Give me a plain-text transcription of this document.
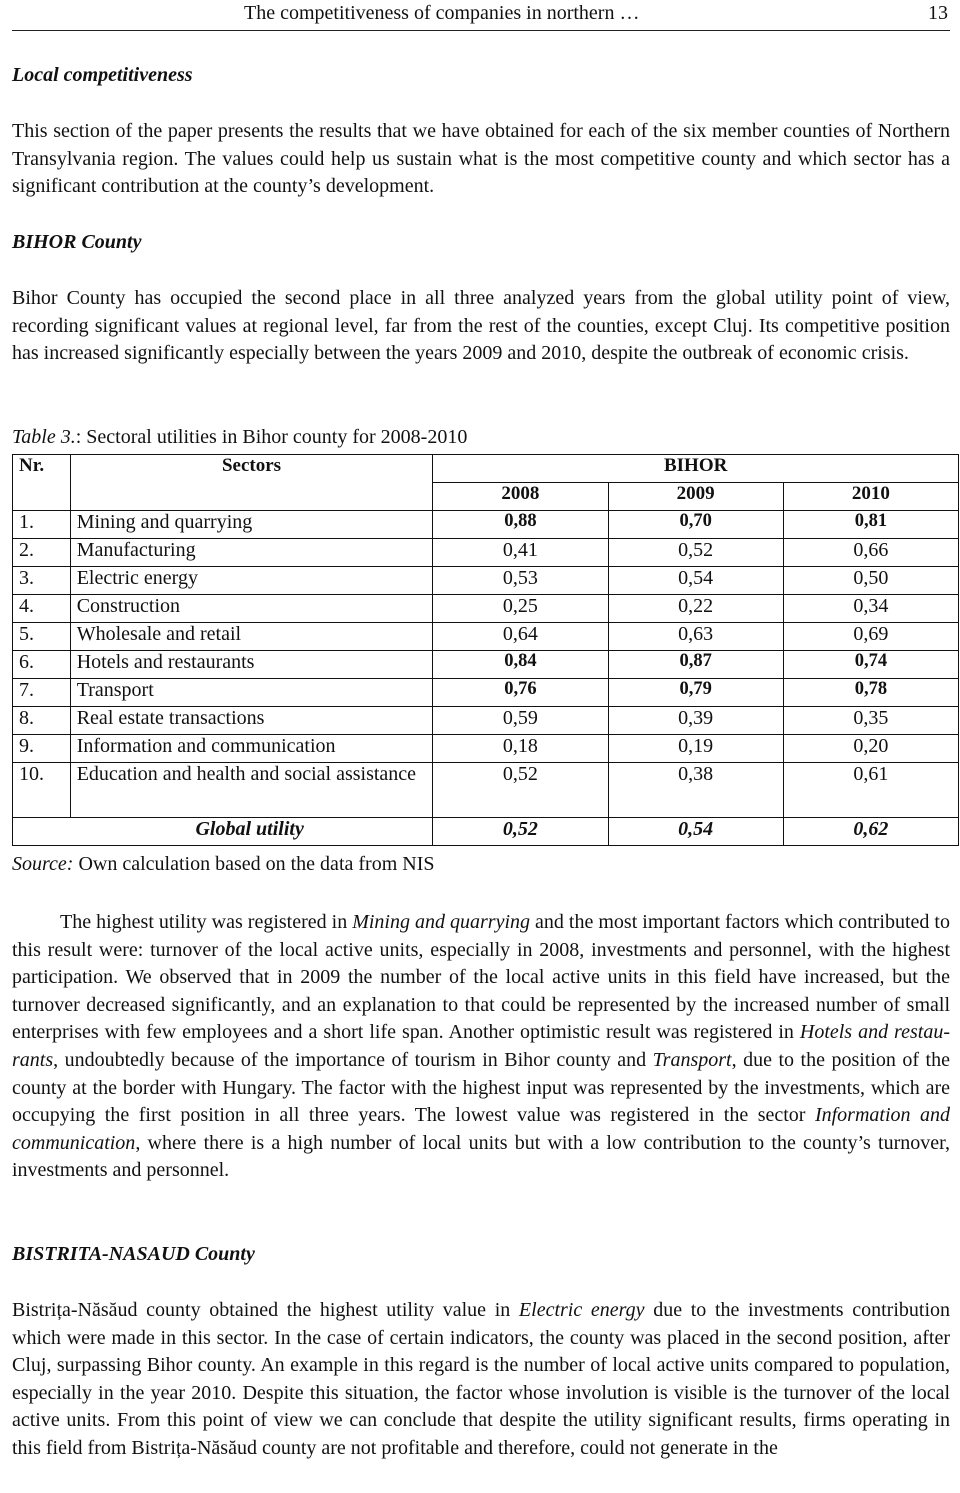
The competitiveness of companies in northern …	13
Local competitiveness

This section of the paper presents the results that we have obtained for each of the six member counties of Northern Transylvania region. The values could help us sustain what is the most competitive county and which sector has a significant contribution at the county’s development.

BIHOR County

Bihor County has occupied the second place in all three analyzed years from the global utility point of view, recording significant values at regional level, far from the rest of the counties, except Cluj. Its competitive position has increased significantly especially between the years 2009 and 2010, despite the outbreak of economic crisis.

Table 3.: Sectoral utilities in Bihor county for 2008-2010
Nr.	Sectors	BIHOR		
		2008	2009	2010
1.	Mining and quarrying	0,88	0,70	0,81
2.	Manufacturing	0,41	0,52	0,66
3.	Electric energy	0,53	0,54	0,50
4.	Construction	0,25	0,22	0,34
5.	Wholesale and retail	0,64	0,63	0,69
6.	Hotels and restaurants	0,84	0,87	0,74
7.	Transport	0,76	0,79	0,78
8.	Real estate transactions	0,59	0,39	0,35
9.	Information and communication	0,18	0,19	0,20
10.	Education and health and social assistance	0,52	0,38	0,61
Global utility		0,52	0,54	0,62
Source: Own calculation based on the data from NIS

The highest utility was registered in Mining and quarrying and the most important factors which contributed to this result were: turnover of the local active units, especially in 2008, investments and personnel, with the highest participation. We observed that in 2009 the number of the local active units in this field have increased, but the turnover decreased significantly, and an explanation to that could be represented by the increased number of small enterprises with few employees and a short life span. Another optimistic result was registered in Hotels and restaurants, undoubtedly because of the importance of tourism in Bihor county and Transport, due to the position of the county at the border with Hungary. The factor with the highest input was represented by the investments, which are occupying the first position in all three years. The lowest value was registered in the sector Information and communication, where there is a high number of local units but with a low contribution to the county’s turnover, investments and personnel.

BISTRITA-NASAUD County

Bistrița-Năsăud county obtained the highest utility value in Electric energy due to the investments contribution which were made in this sector. In the case of certain indicators, the county was placed in the second position, after Cluj, surpassing Bihor county. An example in this regard is the number of local active units compared to population, especially in the year 2010. Despite this situation, the factor whose involution is visible is the turnover of the local active units. From this point of view we can conclude that despite the utility significant results, firms operating in this field from Bistrița-Năsăud county are not profitable and therefore, could not generate in the
